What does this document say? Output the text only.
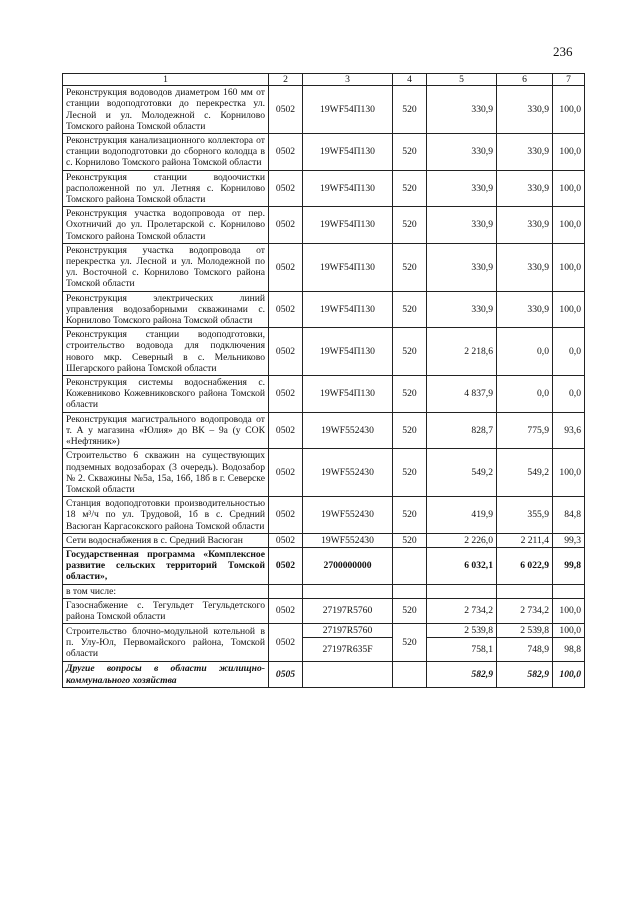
236
1	2	3	4	5	6	7
Реконструкция водоводов диаметром 160 мм от станции водоподготовки до перекрестка ул. Лесной и ул. Молодежной с. Корнилово Томского района Томской области	0502	19WF54П130	520	330,9	330,9	100,0
Реконструкция канализационного коллектора от станции водоподготовки до сборного колодца в с. Корнилово Томского района Томской области	0502	19WF54П130	520	330,9	330,9	100,0
Реконструкция станции водоочистки расположенной по ул. Летняя с. Корнилово Томского района Томской области	0502	19WF54П130	520	330,9	330,9	100,0
Реконструкция участка водопровода от пер. Охотничий до ул. Пролетарской с. Корнилово Томского района Томской области	0502	19WF54П130	520	330,9	330,9	100,0
Реконструкция участка водопровода от перекрестка ул. Лесной и ул. Молодежной по ул. Восточной с. Корнилово Томского района Томской области	0502	19WF54П130	520	330,9	330,9	100,0
Реконструкция электрических линий управления водозаборными скважинами с. Корнилово Томского района Томской области	0502	19WF54П130	520	330,9	330,9	100,0
Реконструкция станции водоподготовки, строительство водовода для подключения нового мкр. Северный в с. Мельниково Шегарского района Томской области	0502	19WF54П130	520	2 218,6	0,0	0,0
Реконструкция системы водоснабжения с. Кожевниково Кожевниковского района Томской области	0502	19WF54П130	520	4 837,9	0,0	0,0
Реконструкция магистрального водопровода от т. А у магазина «Юлия» до ВК – 9а (у СОК «Нефтяник»)	0502	19WF552430	520	828,7	775,9	93,6
Строительство 6 скважин на существующих подземных водозаборах (3 очередь). Водозабор № 2. Скважины №5а, 15а, 16б, 18б в г. Северске Томской области	0502	19WF552430	520	549,2	549,2	100,0
Станция водоподготовки производительностью 18 м³/ч по ул. Трудовой, 1б в с. Средний Васюган Каргасокского района Томской области	0502	19WF552430	520	419,9	355,9	84,8
Сети водоснабжения в с. Средний Васюган	0502	19WF552430	520	2 226,0	2 211,4	99,3
Государственная программа «Комплексное развитие сельских территорий Томской области»,	0502	2700000000		6 032,1	6 022,9	99,8
в том числе:						
Газоснабжение с. Тегульдет Тегульдетского района Томской области	0502	27197R5760	520	2 734,2	2 734,2	100,0
Строительство блочно-модульной котельной в п. Улу-Юл, Первомайского района, Томской области	0502	27197R5760	520	2 539,8	2 539,8	100,0
		27197R635F		758,1	748,9	98,8
Другие вопросы в области жилищно-коммунального хозяйства	0505			582,9	582,9	100,0
